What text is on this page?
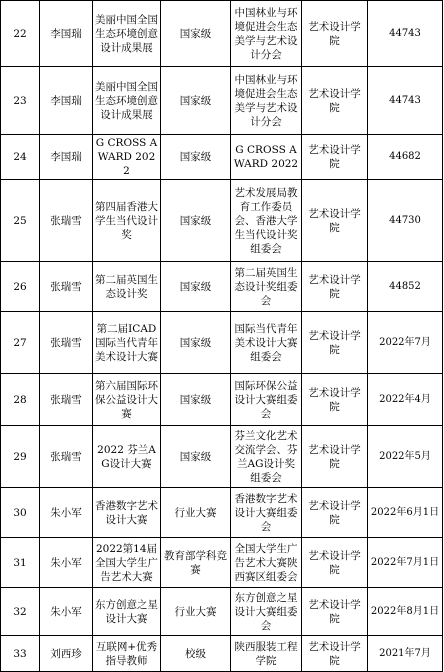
22	李国瑞	美丽中国全国生态环境创意设计成果展	国家级	中国林业与环境促进会生态美学与艺术设计分会	艺术设计学院	44743
23	李国瑞	美丽中国全国生态环境创意设计成果展	国家级	中国林业与环境促进会生态美学与艺术设计分会	艺术设计学院	44743
24	李国瑞	G CROSS AWARD 2022	国家级	G CROSS AWARD 2022	艺术设计学院	44682
25	张瑞雪	第四届香港大学生当代设计奖	国家级	艺术发展局教育工作委员会、香港大学生当代设计奖组委会	艺术设计学院	44730
26	张瑞雪	第二届英国生态设计奖	国家级	第二届英国生态设计奖组委会	艺术设计学院	44852
27	张瑞雪	第二届ICAD国际当代青年美术设计大赛	国家级	国际当代青年美术设计大赛组委会	艺术设计学院	2022年7月
28	张瑞雪	第六届国际环保公益设计大赛	国家级	国际环保公益设计大赛组委会	艺术设计学院	2022年4月
29	张瑞雪	2022 芬兰AG设计大赛	国家级	芬兰文化艺术交流学会、芬兰AG设计奖组委会	艺术设计学院	2022年5月
30	朱小军	香港数字艺术设计大赛	行业大赛	香港数字艺术设计大赛组委会	艺术设计学院	2022年6月1日
31	朱小军	2022第14届全国大学生广告艺术大赛	教育部学科竞赛	全国大学生广告艺术大赛陕西赛区组委会	艺术设计学院	2022年7月1日
32	朱小军	东方创意之星设计大赛	行业大赛	东方创意之星设计大赛组委会	艺术设计学院	2022年8月1日
33	刘西珍	互联网+优秀指导教师	校级	陕西服装工程学院	艺术设计学院	2021年7月
